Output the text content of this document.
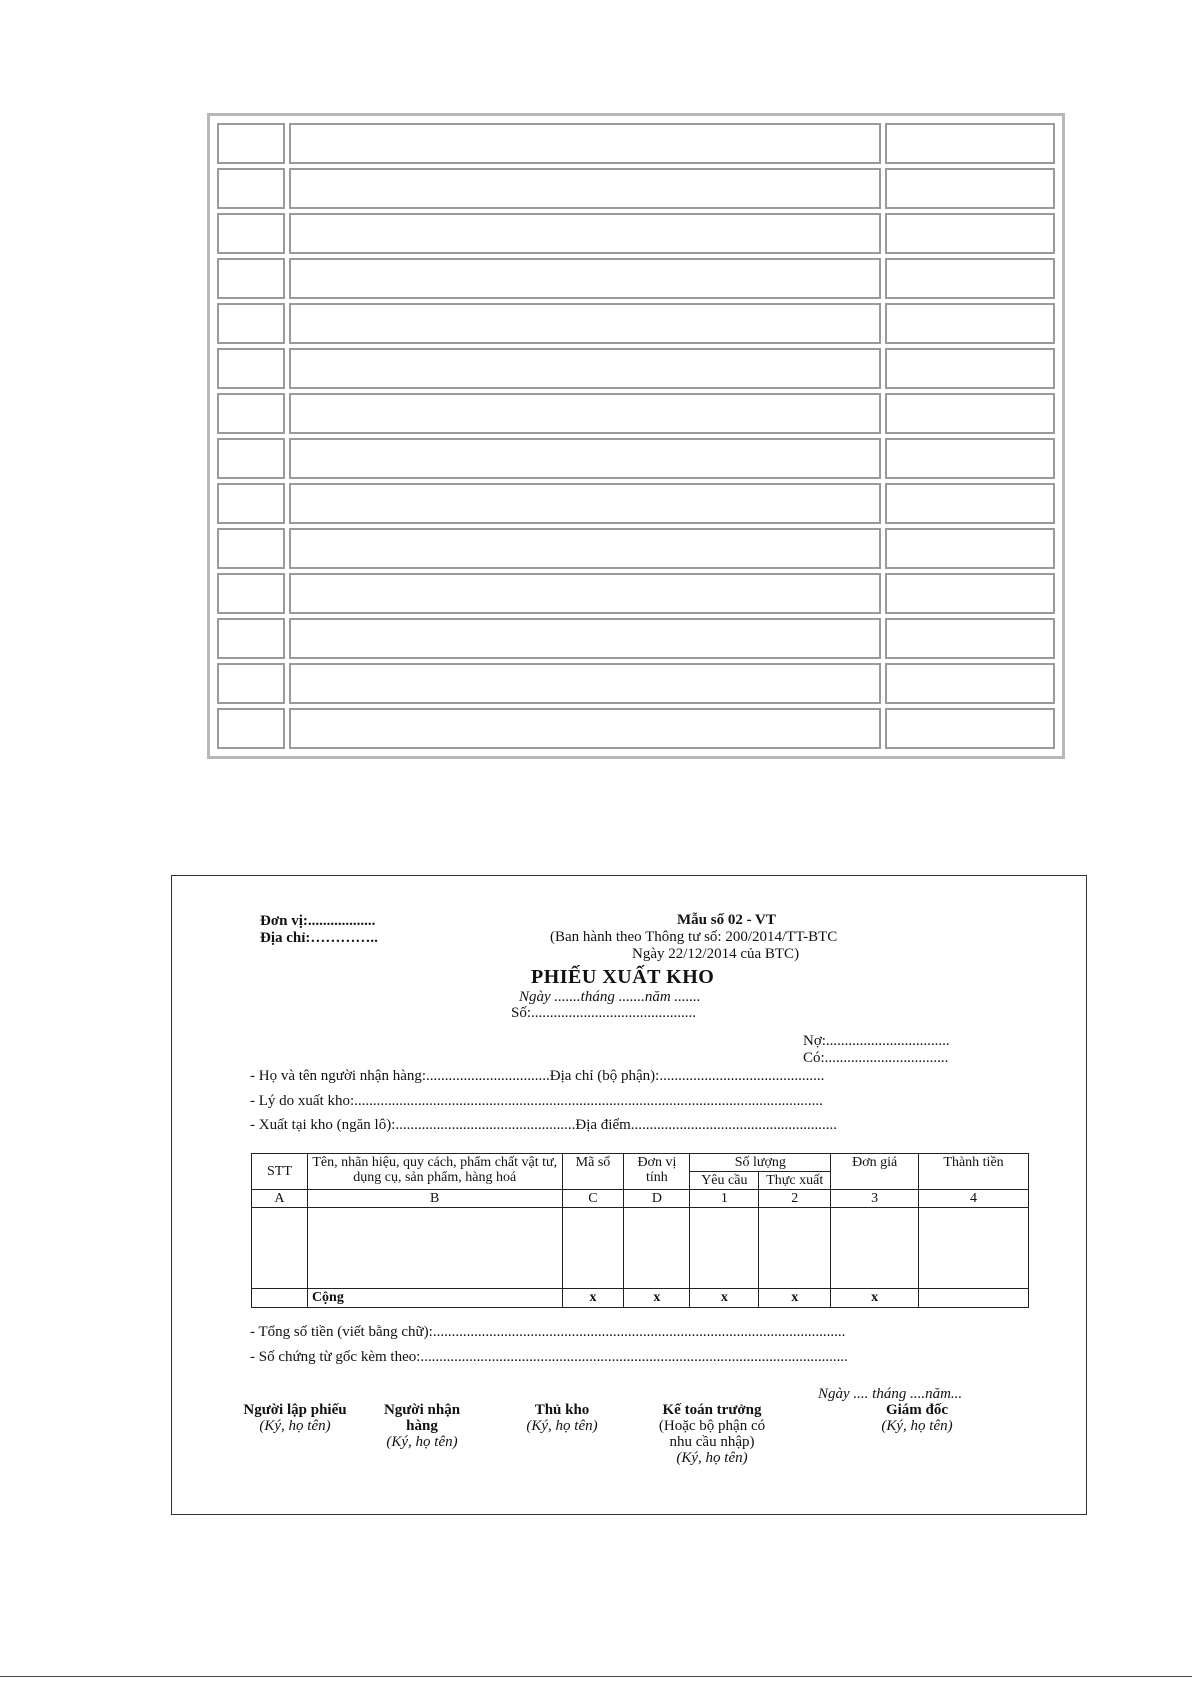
Đơn vị:..................
Địa chỉ:…………..
Mẫu số 02 - VT
(Ban hành theo Thông tư số: 200/2014/TT-BTC
Ngày 22/12/2014 của BTC)
PHIẾU XUẤT KHO
Ngày .......tháng .......năm .......
Số:............................................
Nợ:.................................
Có:.................................
- Họ và tên người nhận hàng:.................................Địa chỉ (bộ phận):............................................
- Lý do xuất kho:.............................................................................................................................
- Xuất tại kho (ngăn lô):................................................Địa điểm.......................................................
STT	Tên, nhãn hiệu, quy cách, phẩm chất vật tư, dụng cụ, sản phẩm, hàng hoá	Mã số	Đơn vị tính	Số lượng		Đơn giá	Thành tiền
				Yêu cầu	Thực xuất		
A	B	C	D	1	2	3	4

	Cộng	x	x	x	x	x	
- Tổng số tiền (viết bằng chữ):..............................................................................................................
- Số chứng từ gốc kèm theo:..................................................................................................................
Ngày .... tháng ....năm...
Người lập phiếu
(Ký, họ tên)
Người nhận hàng
(Ký, họ tên)
Thủ kho
(Ký, họ tên)
Kế toán trưởng
(Hoặc bộ phận có nhu cầu nhập)
(Ký, họ tên)
Giám đốc
(Ký, họ tên)
